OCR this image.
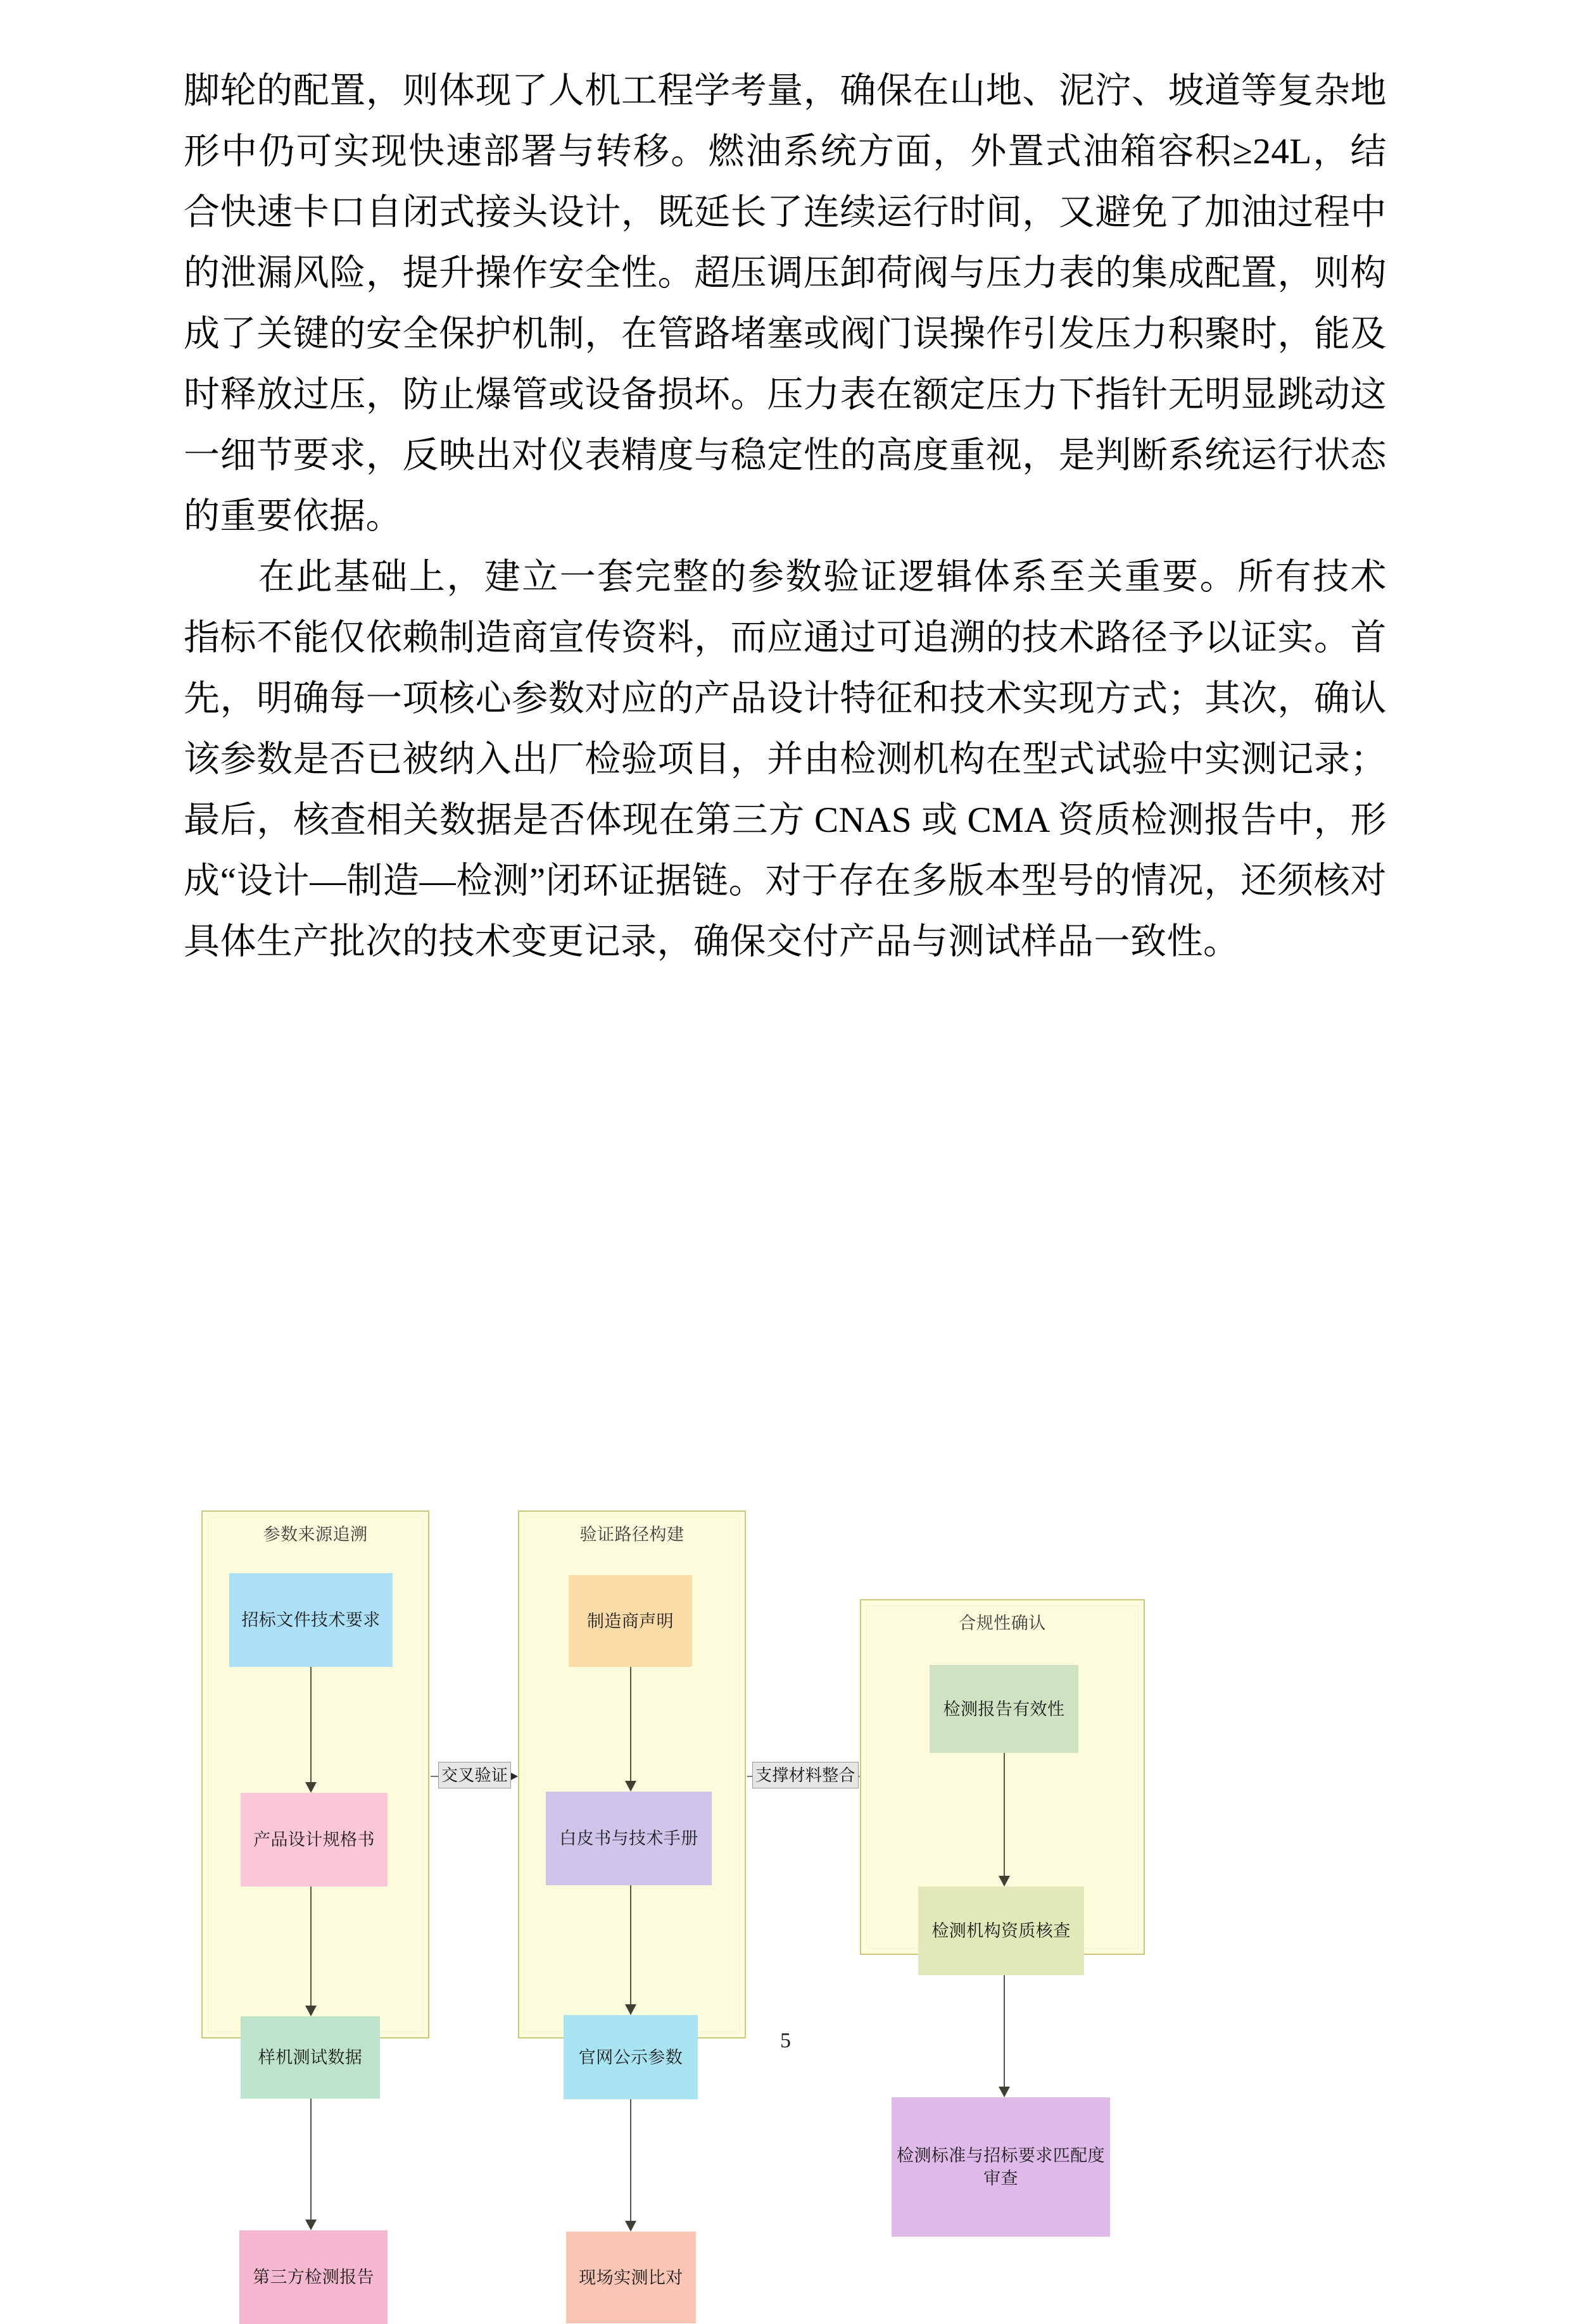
脚轮的配置，则体现了人机工程学考量，确保在山地、泥泞、坡道等复杂地形中仍可实现快速部署与转移。燃油系统方面，外置式油箱容积≥24L，结合快速卡口自闭式接头设计，既延长了连续运行时间，又避免了加油过程中的泄漏风险，提升操作安全性。超压调压卸荷阀与压力表的集成配置，则构成了关键的安全保护机制，在管路堵塞或阀门误操作引发压力积聚时，能及时释放过压，防止爆管或设备损坏。压力表在额定压力下指针无明显跳动这一细节要求，反映出对仪表精度与稳定性的高度重视，是判断系统运行状态的重要依据。

在此基础上，建立一套完整的参数验证逻辑体系至关重要。所有技术指标不能仅依赖制造商宣传资料，而应通过可追溯的技术路径予以证实。首先，明确每一项核心参数对应的产品设计特征和技术实现方式；其次，确认该参数是否已被纳入出厂检验项目，并由检测机构在型式试验中实测记录；最后，核查相关数据是否体现在第三方 CNAS 或 CMA 资质检测报告中，形成“设计—制造—检测”闭环证据链。对于存在多版本型号的情况，还须核对具体生产批次的技术变更记录，确保交付产品与测试样品一致性。

参数来源追溯	验证路径构建
合规性确认
招标文件技术要求
产品设计规格书
样机测试数据
第三方检测报告
制造商声明
白皮书与技术手册
官网公示参数
现场实测比对
检测报告有效性
检测机构资质核查
检测标准与招标要求匹配度审查
交叉验证	支撑材料整合
5
